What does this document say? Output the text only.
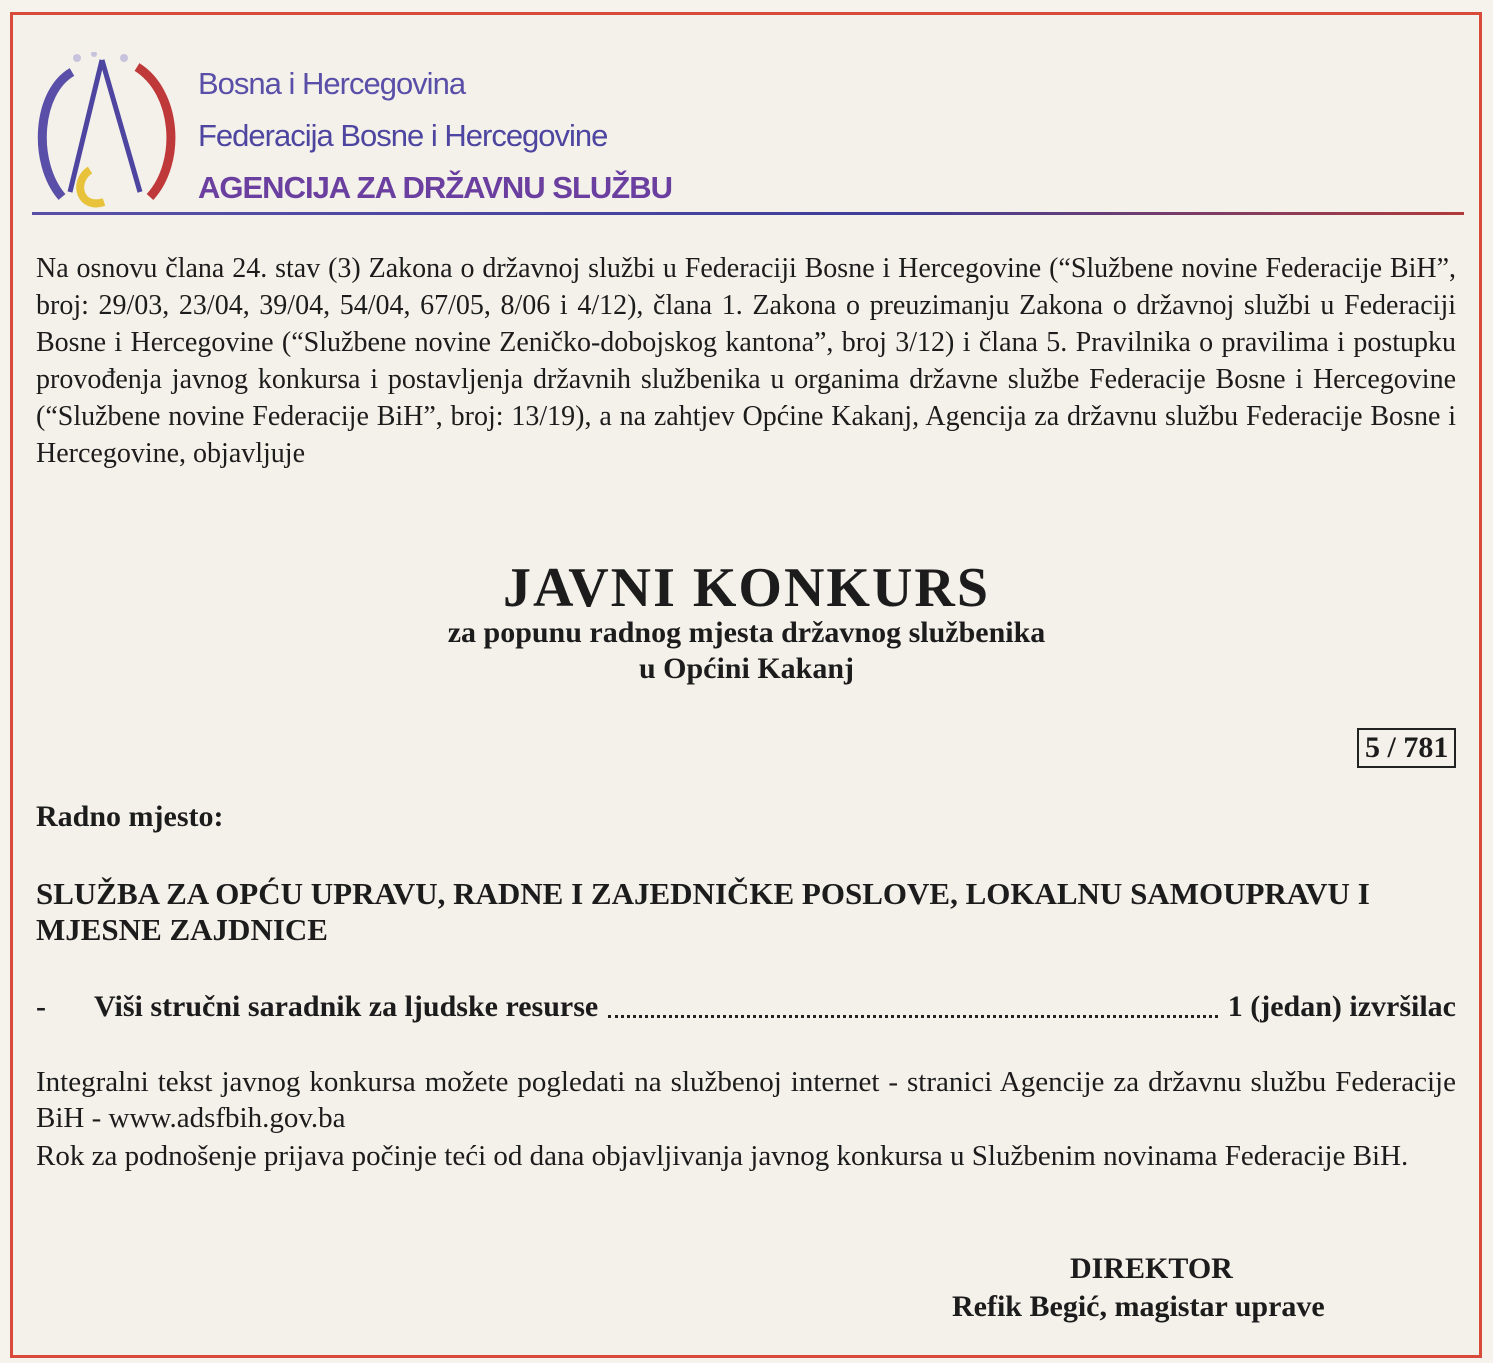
Bosna i Hercegovina
Federacija Bosne i Hercegovine
AGENCIJA ZA DRŽAVNU SLUŽBU
Na osnovu člana 24. stav (3) Zakona o državnoj službi u Federaciji Bosne i Hercegovine (“Službene novine Federacije BiH”, broj: 29/03, 23/04, 39/04, 54/04, 67/05, 8/06 i 4/12), člana 1. Zakona o preuzimanju Zakona o državnoj službi u Federaciji Bosne i Hercegovine (“Službene novine Zeničko-dobojskog kantona”, broj 3/12) i člana 5. Pravilnika o pravilima i postupku provođenja javnog konkursa i postavljenja državnih službenika u organima državne službe Federacije Bosne i Hercegovine (“Službene novine Federacije BiH”, broj: 13/19), a na zahtjev Općine Kakanj, Agencija za državnu službu Federacije Bosne i Hercegovine, objavljuje
JAVNI KONKURS
za popunu radnog mjesta državnog službenika
u Općini Kakanj
5 / 781
Radno mjesto:
SLUŽBA ZA OPĆU UPRAVU, RADNE I ZAJEDNIČKE POSLOVE, LOKALNU SAMOUPRAVU I MJESNE ZAJDNICE
-	Viši stručni saradnik za ljudske resurse	1 (jedan) izvršilac
Integralni tekst javnog konkursa možete pogledati na službenoj internet - stranici Agencije za državnu službu Federacije BiH - www.adsfbih.gov.ba
Rok za podnošenje prijava počinje teći od dana objavljivanja javnog konkursa u Službenim novinama Federacije BiH.
DIREKTOR
Refik Begić, magistar uprave
